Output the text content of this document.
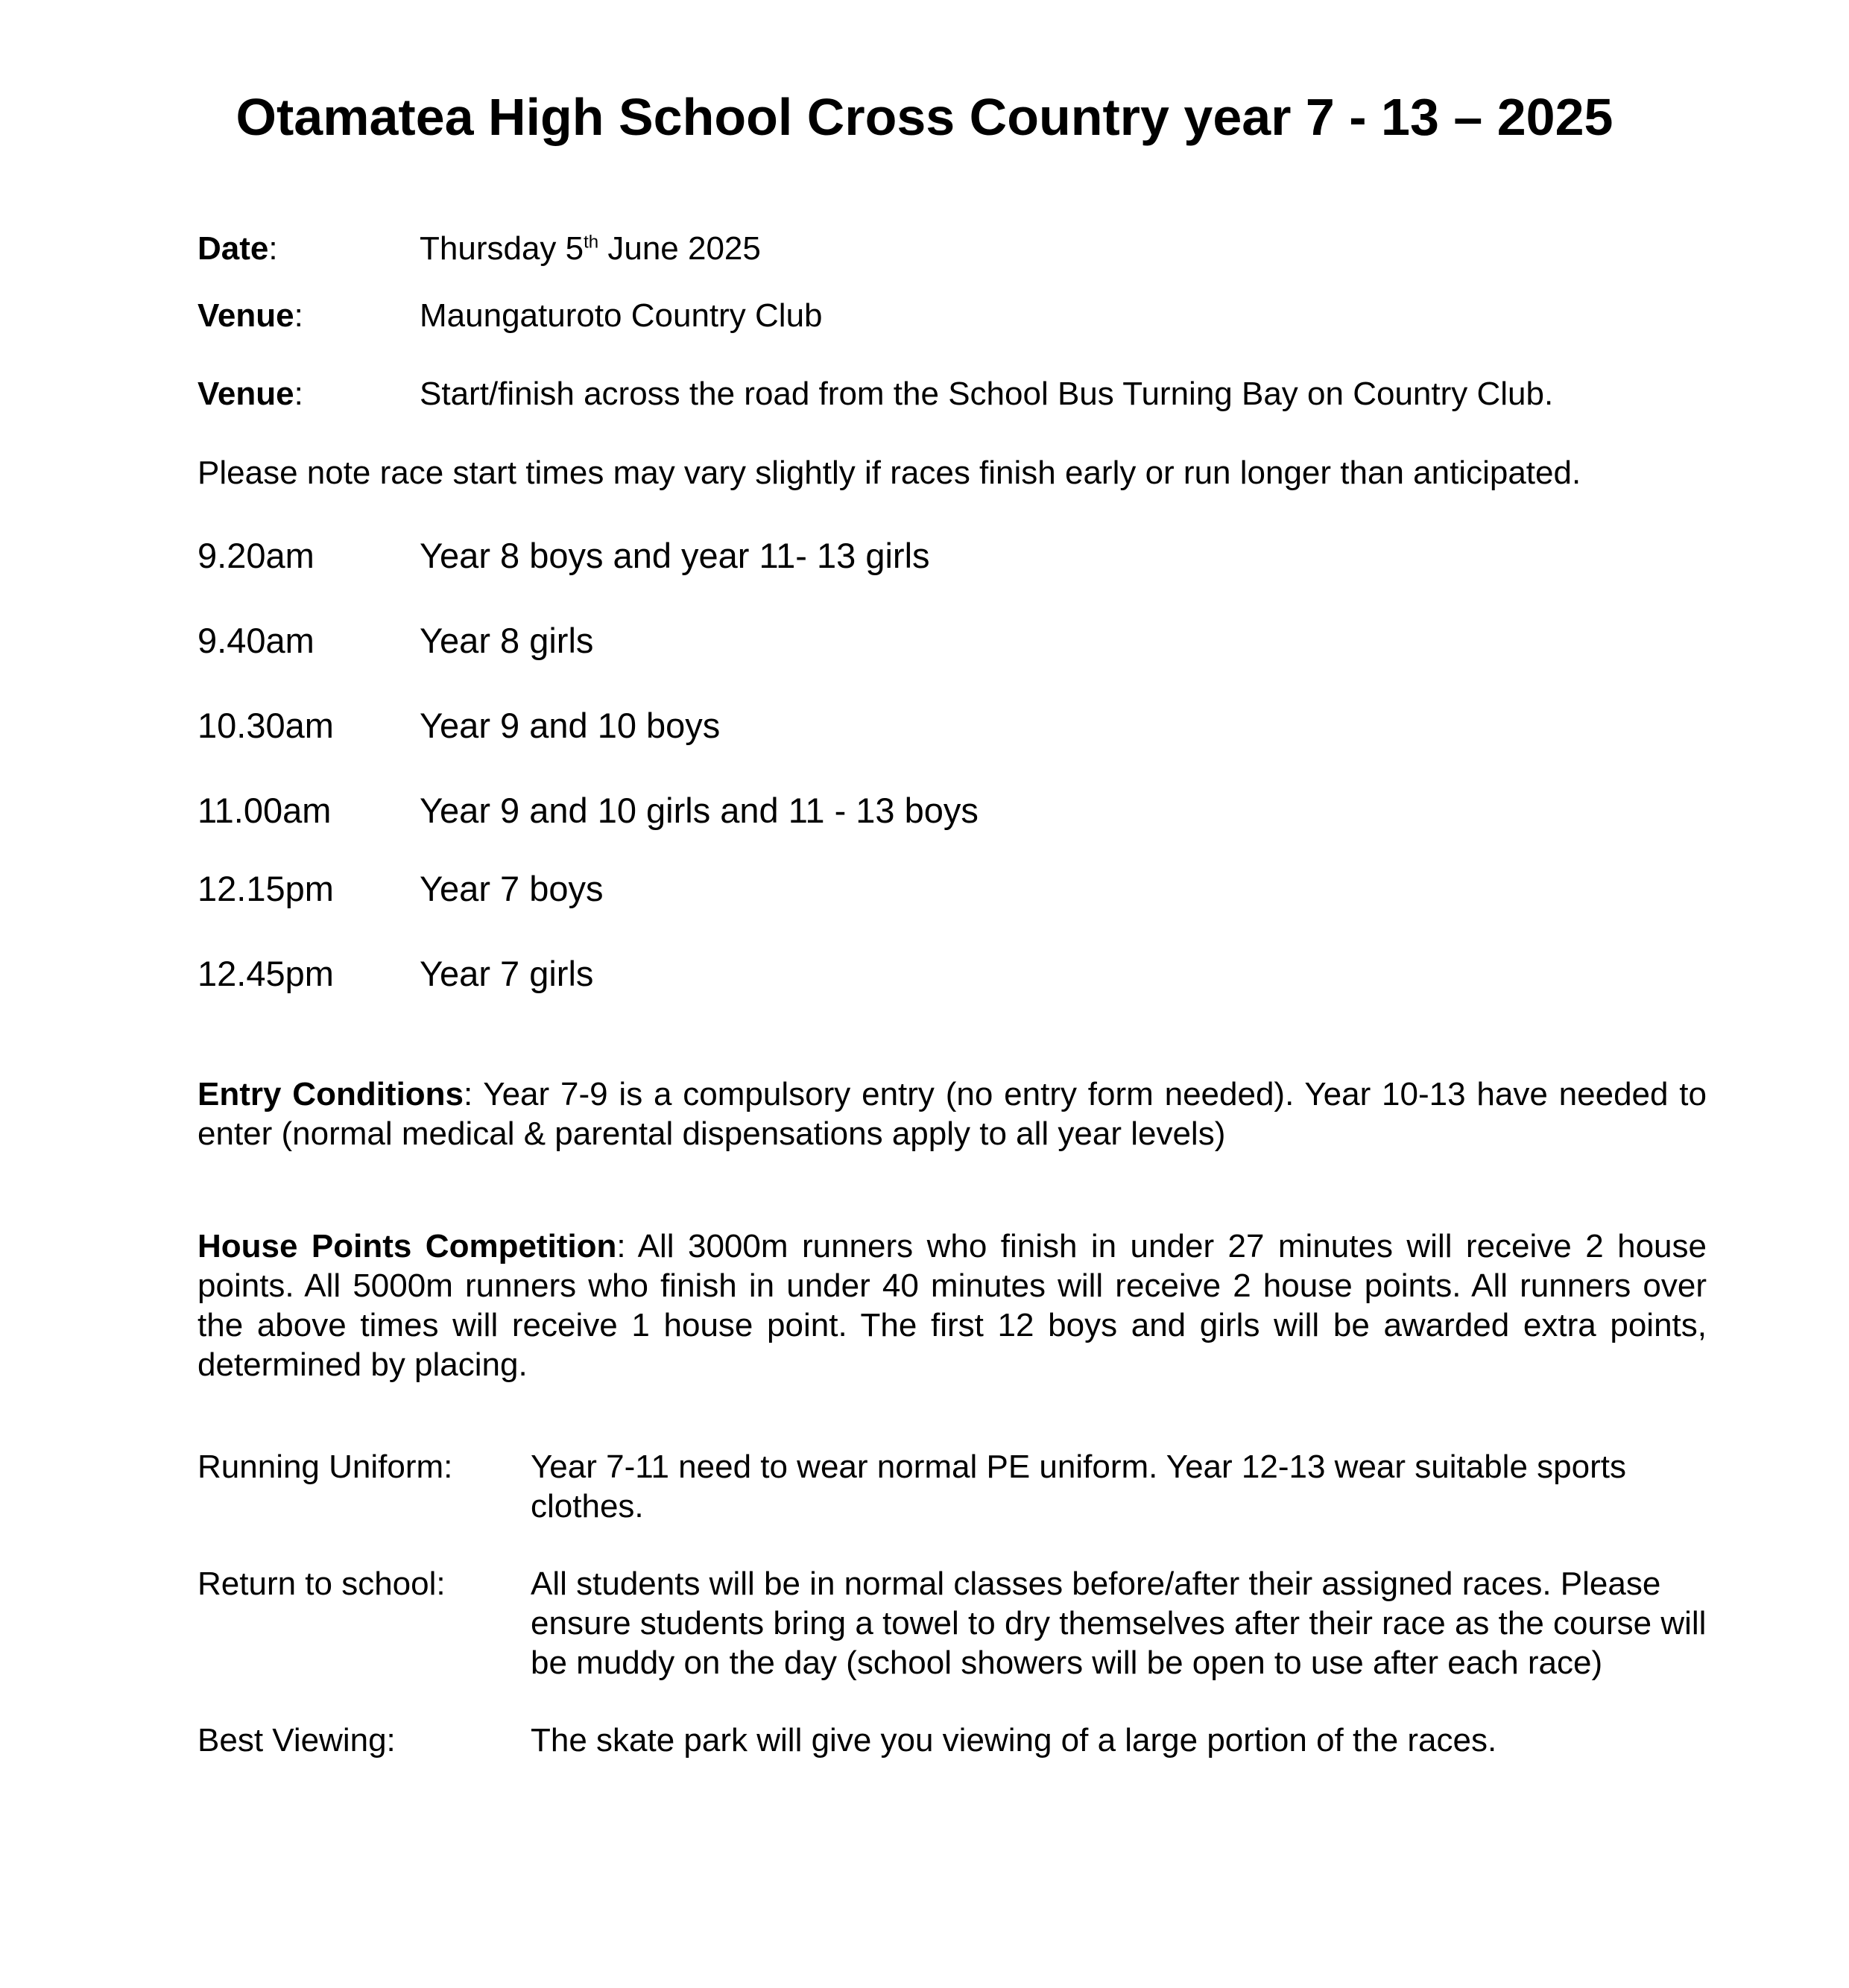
Otamatea High School Cross Country year 7 - 13 – 2025
Date:	Thursday 5th June 2025
Venue:	Maungaturoto Country Club
Venue:	Start/finish across the road from the School Bus Turning Bay on Country Club.
Please note race start times may vary slightly if races finish early or run longer than anticipated.
9.20am	Year 8 boys and year 11- 13 girls
9.40am	Year 8 girls
10.30am Year 9 and 10 boys
11.00am	Year 9 and 10 girls and 11 - 13 boys
12.15pm Year 7 boys
12.45pm Year 7 girls
Entry Conditions: Year 7-9 is a compulsory entry (no entry form needed). Year 10-13 have needed to enter (normal medical & parental dispensations apply to all year levels)
House Points Competition: All 3000m runners who finish in under 27 minutes will receive 2 house points. All 5000m runners who finish in under 40 minutes will receive 2 house points. All runners over the above times will receive 1 house point. The first 12 boys and girls will be awarded extra points, determined by placing.
Running Uniform: Year 7-11 need to wear normal PE uniform. Year 12-13 wear suitable sports clothes.
Return to school:	All students will be in normal classes before/after their assigned races. Please ensure students bring a towel to dry themselves after their race as the course will be muddy on the day (school showers will be open to use after each race)
Best Viewing:	The skate park will give you viewing of a large portion of the races.
